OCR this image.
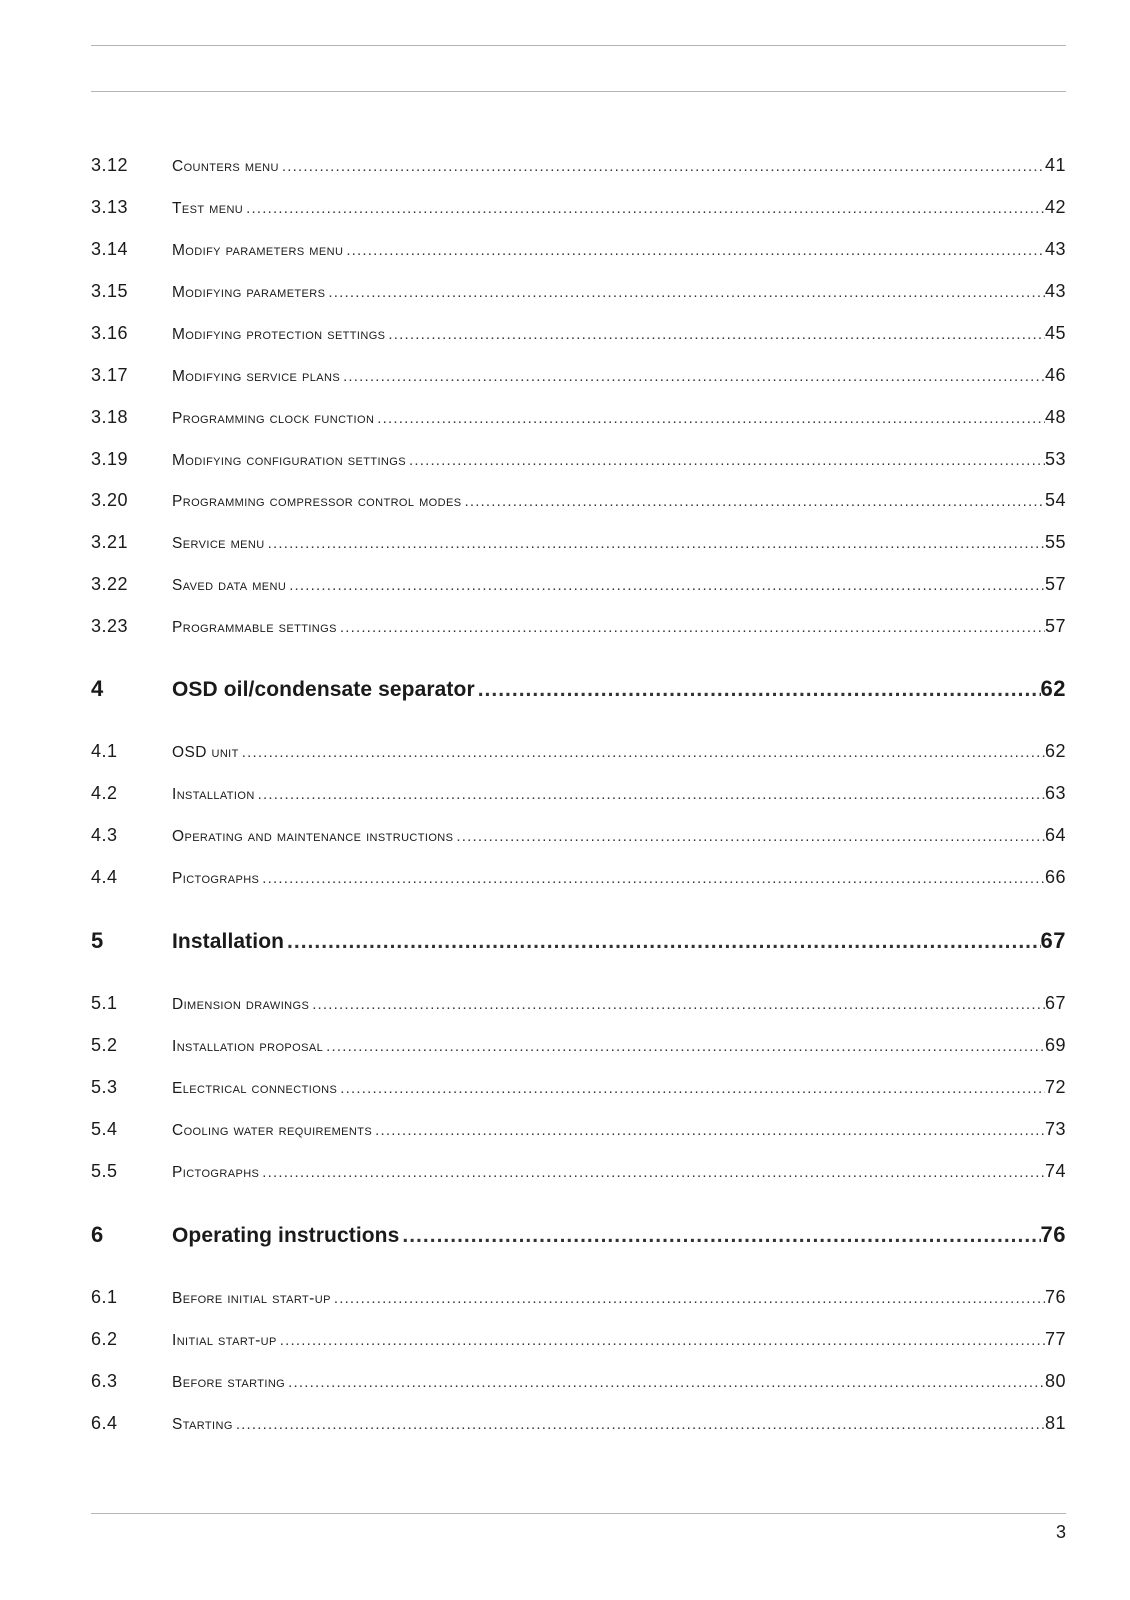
3.12	Counters menu .....	41
3.13	Test menu .....	42
3.14	Modify parameters menu .....	43
3.15	Modifying parameters .....	43
3.16	Modifying protection settings .....	45
3.17	Modifying service plans .....	46
3.18	Programming clock function .....	48
3.19	Modifying configuration settings .....	53
3.20	Programming compressor control modes .....	54
3.21	Service menu .....	55
3.22	Saved data menu .....	57
3.23	Programmable settings .....	57
4	OSD oil/condensate separator .....	62
4.1	OSD unit .....	62
4.2	Installation .....	63
4.3	Operating and maintenance instructions .....	64
4.4	Pictographs .....	66
5	Installation .....	67
5.1	Dimension drawings .....	67
5.2	Installation proposal .....	69
5.3	Electrical connections .....	72
5.4	Cooling water requirements .....	73
5.5	Pictographs .....	74
6	Operating instructions .....	76
6.1	Before initial start-up .....	76
6.2	Initial start-up .....	77
6.3	Before starting .....	80
6.4	Starting .....	81
3
